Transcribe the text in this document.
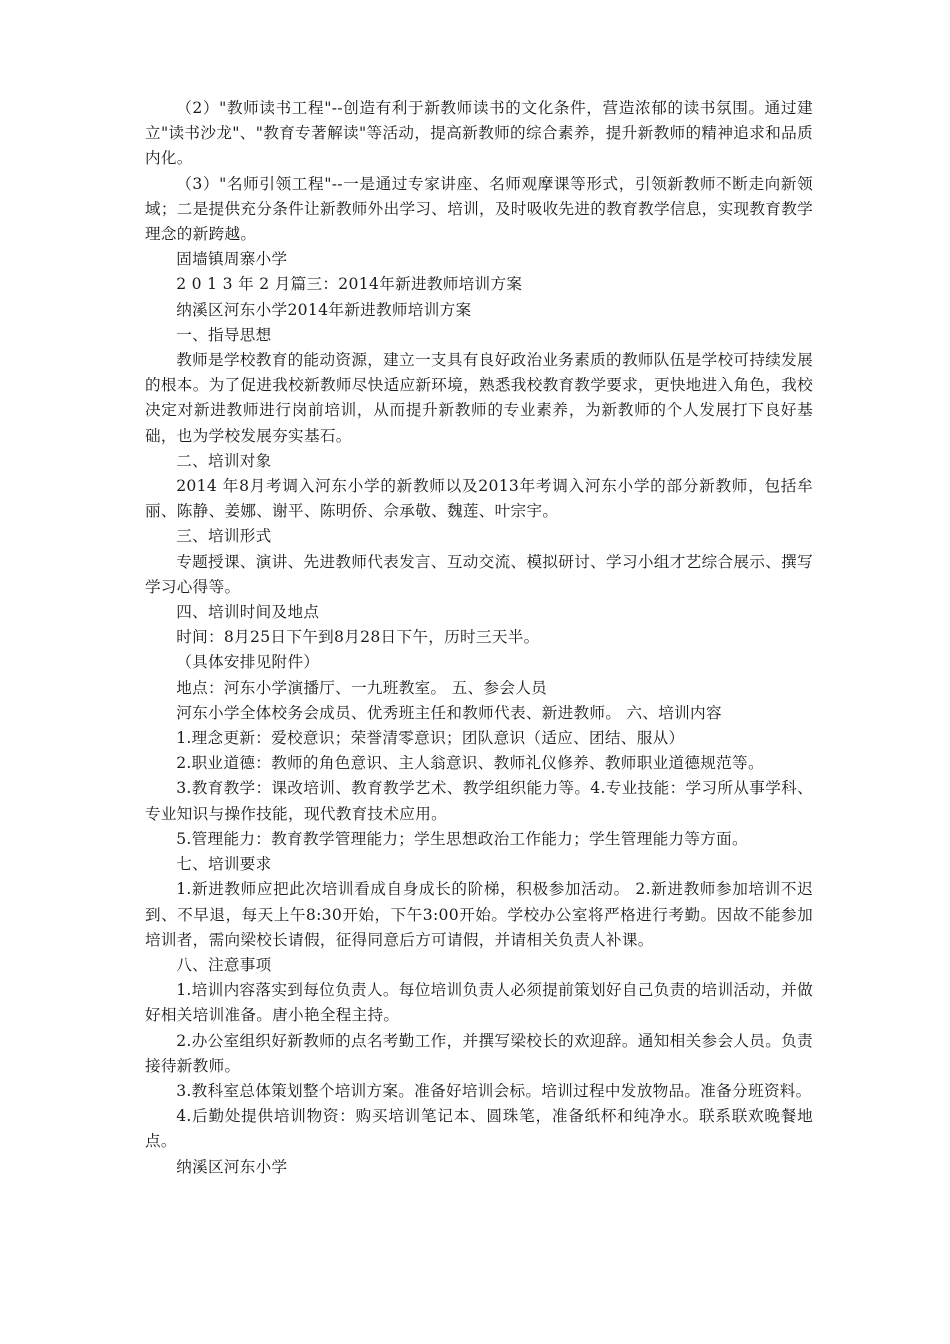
（2）"教师读书工程"--创造有利于新教师读书的文化条件，营造浓郁的读书氛围。通过建立"读书沙龙"、"教育专著解读"等活动，提高新教师的综合素养，提升新教师的精神追求和品质内化。

（3）"名师引领工程"--一是通过专家讲座、名师观摩课等形式，引领新教师不断走向新领域；二是提供充分条件让新教师外出学习、培训，及时吸收先进的教育教学信息，实现教育教学理念的新跨越。

固墙镇周寨小学

2 0 1 3 年 2 月篇三：2014年新进教师培训方案

纳溪区河东小学2014年新进教师培训方案

一、指导思想

教师是学校教育的能动资源，建立一支具有良好政治业务素质的教师队伍是学校可持续发展的根本。为了促进我校新教师尽快适应新环境，熟悉我校教育教学要求，更快地进入角色，我校决定对新进教师进行岗前培训，从而提升新教师的专业素养，为新教师的个人发展打下良好基础，也为学校发展夯实基石。

二、培训对象

2014 年8月考调入河东小学的新教师以及2013年考调入河东小学的部分新教师，包括牟丽、陈静、姜娜、谢平、陈明侨、佘承敬、魏莲、叶宗宇。

三、培训形式

专题授课、演讲、先进教师代表发言、互动交流、模拟研讨、学习小组才艺综合展示、撰写学习心得等。

四、培训时间及地点

时间：8月25日下午到8月28日下午，历时三天半。

（具体安排见附件）

地点：河东小学演播厅、一九班教室。 五、参会人员

河东小学全体校务会成员、优秀班主任和教师代表、新进教师。 六、培训内容

1.理念更新：爱校意识；荣誉清零意识；团队意识（适应、团结、服从）

2.职业道德：教师的角色意识、主人翁意识、教师礼仪修养、教师职业道德规范等。

3.教育教学：课改培训、教育教学艺术、教学组织能力等。4.专业技能：学习所从事学科、专业知识与操作技能，现代教育技术应用。

5.管理能力：教育教学管理能力；学生思想政治工作能力；学生管理能力等方面。

七、培训要求

1.新进教师应把此次培训看成自身成长的阶梯，积极参加活动。 2.新进教师参加培训不迟到、不早退，每天上午8:30开始，下午3:00开始。学校办公室将严格进行考勤。因故不能参加培训者，需向梁校长请假，征得同意后方可请假，并请相关负责人补课。

八、注意事项

1.培训内容落实到每位负责人。每位培训负责人必须提前策划好自己负责的培训活动，并做好相关培训准备。唐小艳全程主持。

2.办公室组织好新教师的点名考勤工作，并撰写梁校长的欢迎辞。通知相关参会人员。负责接待新教师。

3.教科室总体策划整个培训方案。准备好培训会标。培训过程中发放物品。准备分班资料。

4.后勤处提供培训物资：购买培训笔记本、圆珠笔，准备纸杯和纯净水。联系联欢晚餐地点。

纳溪区河东小学
